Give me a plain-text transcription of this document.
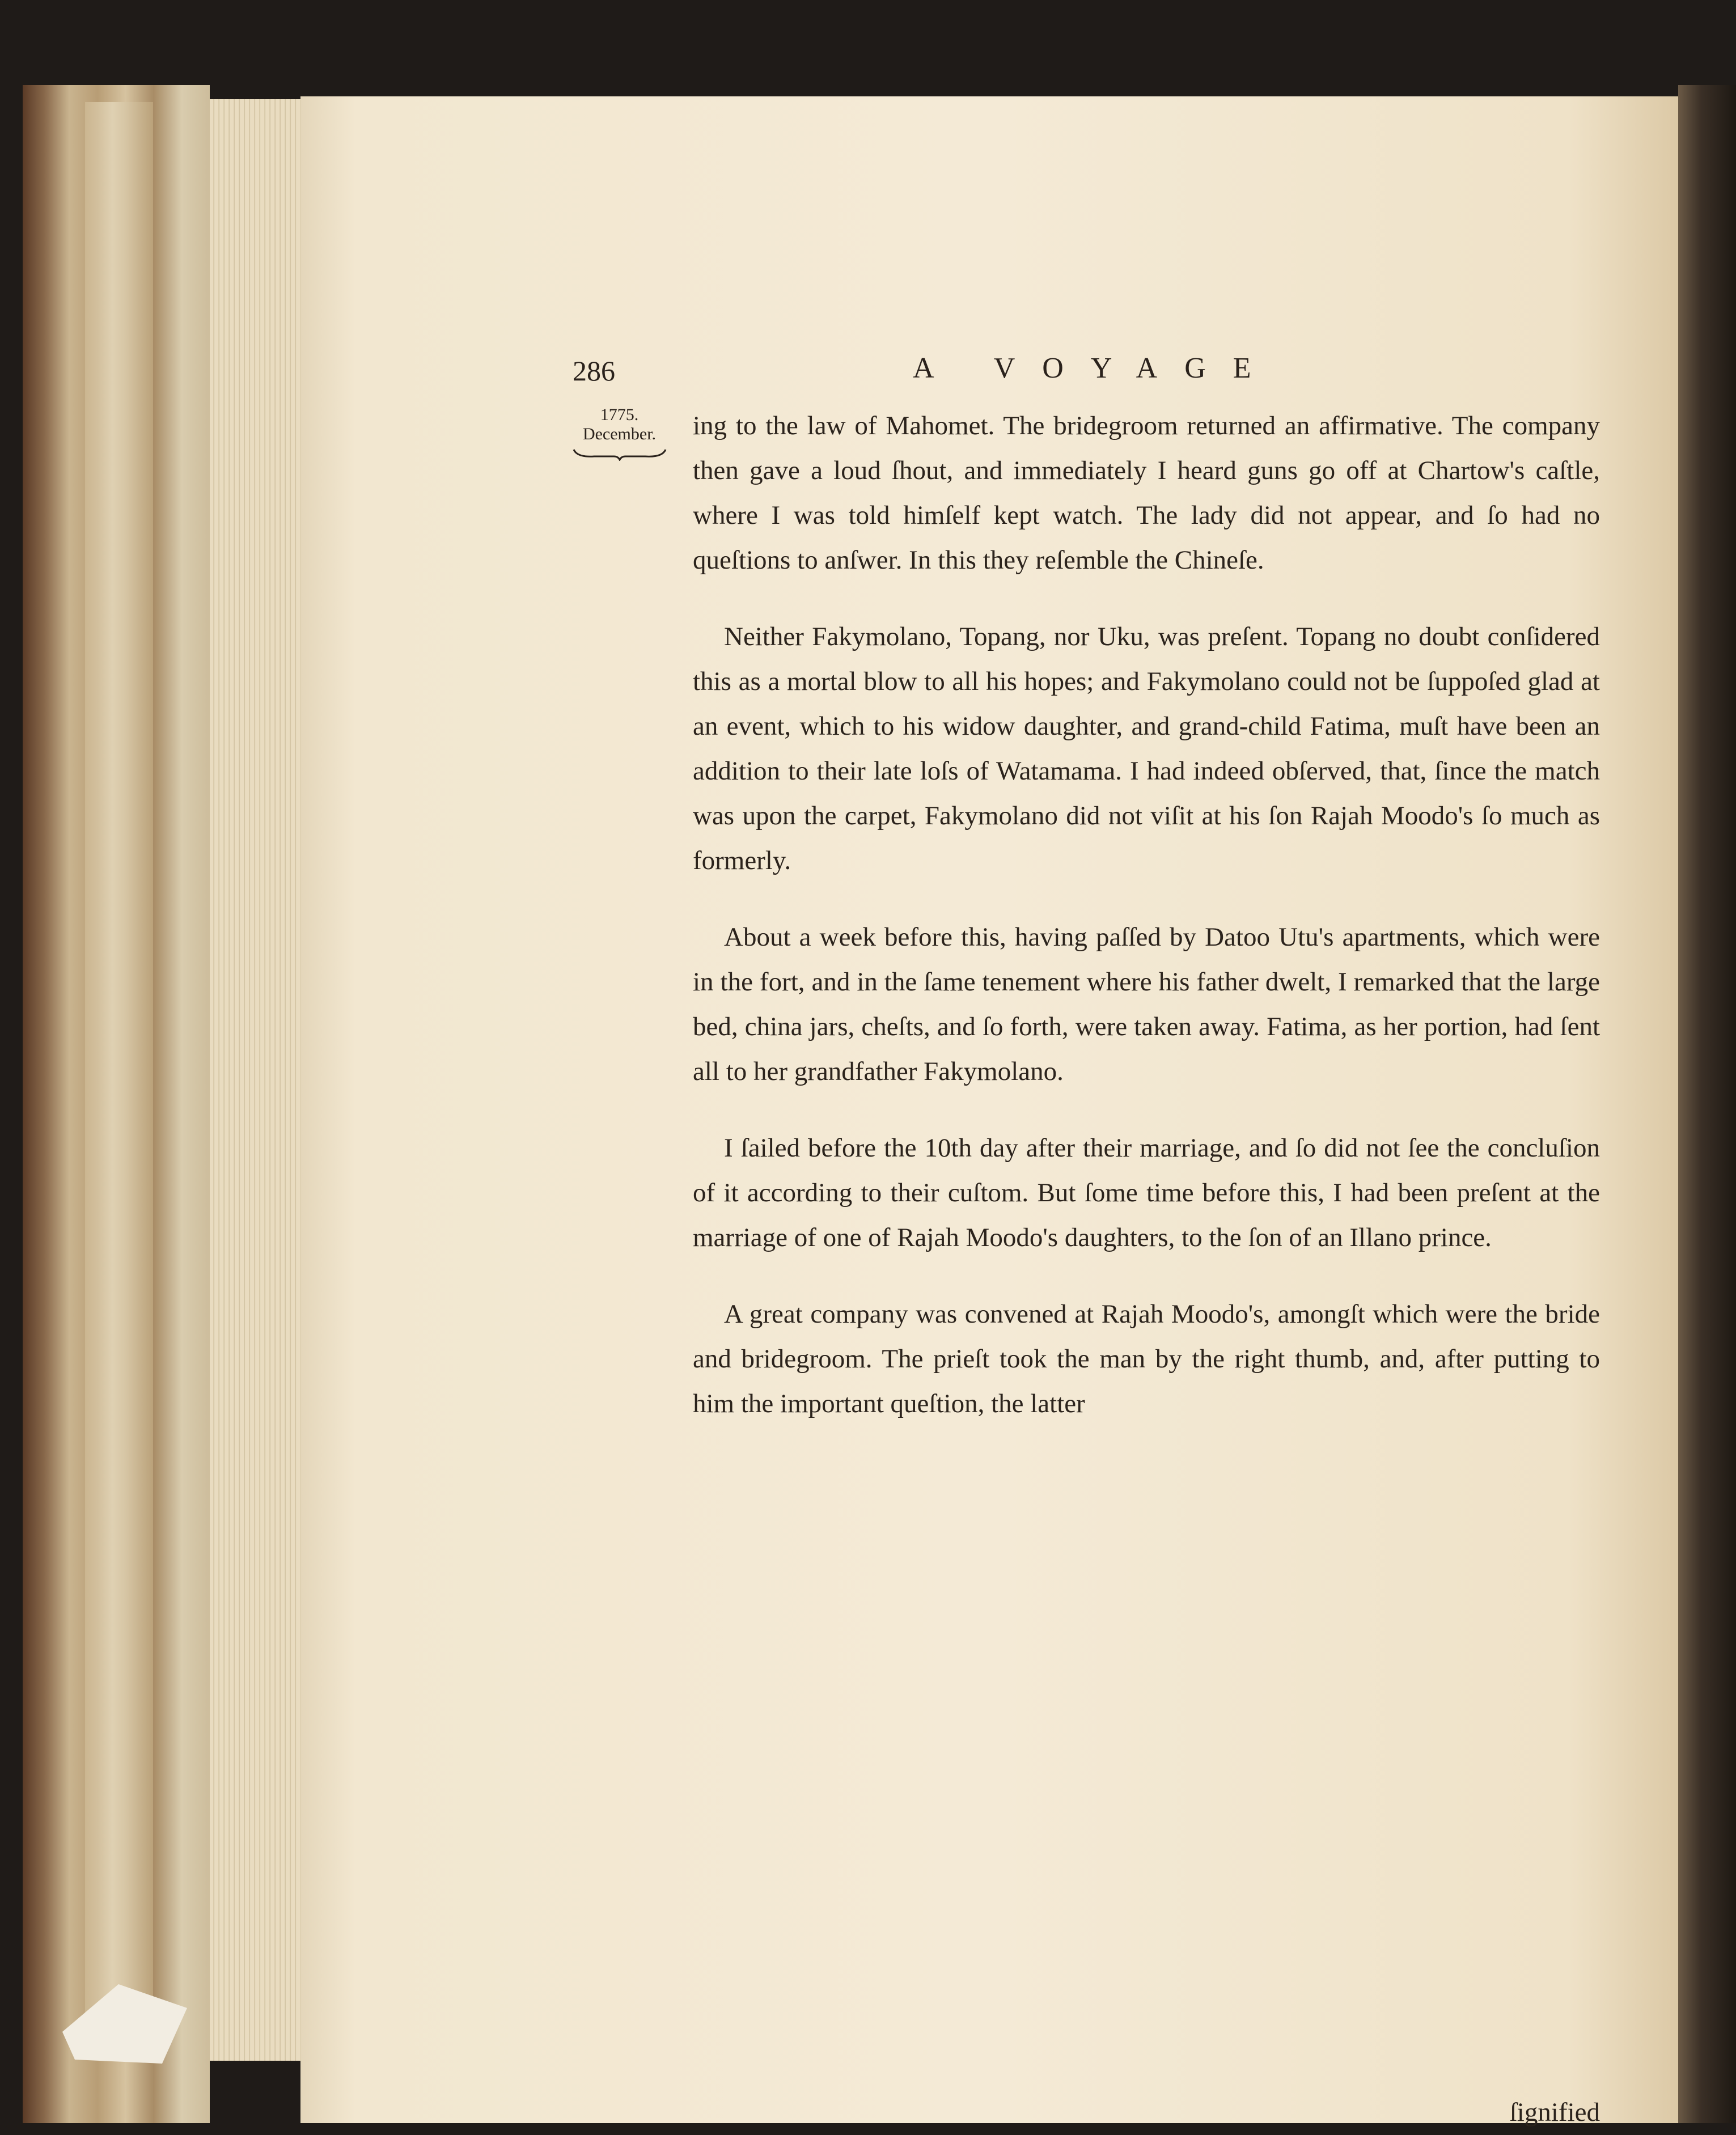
286	A VOYAGE
1775.
December.	ing to the law of Mahomet. The bridegroom returned an affirmative. The company then gave a loud ſhout, and immediately I heard guns go off at Chartow's caſtle, where I was told himſelf kept watch. The lady did not appear, and ſo had no queſtions to anſwer. In this they reſemble the Chineſe.

Neither Fakymolano, Topang, nor Uku, was preſent. Topang no doubt conſidered this as a mortal blow to all his hopes; and Fakymolano could not be ſuppoſed glad at an event, which to his widow daughter, and grand-child Fatima, muſt have been an addition to their late loſs of Watamama. I had indeed obſerved, that, ſince the match was upon the carpet, Fakymolano did not viſit at his ſon Rajah Moodo's ſo much as formerly.

About a week before this, having paſſed by Datoo Utu's apartments, which were in the fort, and in the ſame tenement where his father dwelt, I remarked that the large bed, china jars, cheſts, and ſo forth, were taken away. Fatima, as her portion, had ſent all to her grandfather Fakymolano.

I ſailed before the 10th day after their marriage, and ſo did not ſee the concluſion of it according to their cuſtom. But ſome time before this, I had been preſent at the marriage of one of Rajah Moodo's daughters, to the ſon of an Illano prince.

A great company was convened at Rajah Moodo's, amongſt which were the bride and bridegroom. The prieſt took the man by the right thumb, and, after putting to him the important queſtion, the latter

ſignified
